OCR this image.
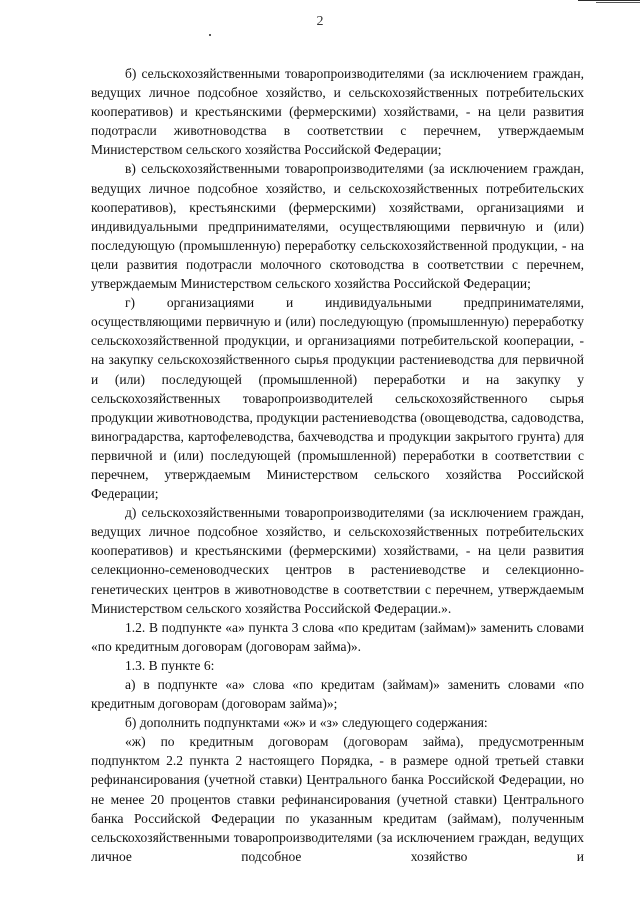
2

б) сельскохозяйственными товаропроизводителями (за исключением граждан, ведущих личное подсобное хозяйство, и сельскохозяйственных потребительских кооперативов) и крестьянскими (фермерскими) хозяйствами, - на цели развития подотрасли животноводства в соответствии с перечнем, утверждаемым Министерством сельского хозяйства Российской Федерации;

в) сельскохозяйственными товаропроизводителями (за исключением граждан, ведущих личное подсобное хозяйство, и сельскохозяйственных потребительских кооперативов), крестьянскими (фермерскими) хозяйствами, организациями и индивидуальными предпринимателями, осуществляющими первичную и (или) последующую (промышленную) переработку сельскохозяйственной продукции, - на цели развития подотрасли молочного скотоводства в соответствии с перечнем, утверждаемым Министерством сельского хозяйства Российской Федерации;

г) организациями и индивидуальными предпринимателями, осуществляющими первичную и (или) последующую (промышленную) переработку сельскохозяйственной продукции, и организациями потребительской кооперации, - на закупку сельскохозяйственного сырья продукции растениеводства для первичной и (или) последующей (промышленной) переработки и на закупку у сельскохозяйственных товаропроизводителей сельскохозяйственного сырья продукции животноводства, продукции растениеводства (овощеводства, садоводства, виноградарства, картофелеводства, бахчеводства и продукции закрытого грунта) для первичной и (или) последующей (промышленной) переработки в соответствии с перечнем, утверждаемым Министерством сельского хозяйства Российской Федерации;

д) сельскохозяйственными товаропроизводителями (за исключением граждан, ведущих личное подсобное хозяйство, и сельскохозяйственных потребительских кооперативов) и крестьянскими (фермерскими) хозяйствами, - на цели развития селекционно-семеноводческих центров в растениеводстве и селекционно-генетических центров в животноводстве в соответствии с перечнем, утверждаемым Министерством сельского хозяйства Российской Федерации.».

1.2. В подпункте «а» пункта 3 слова «по кредитам (займам)» заменить словами «по кредитным договорам (договорам займа)».

1.3. В пункте 6:

а) в подпункте «а» слова «по кредитам (займам)» заменить словами «по кредитным договорам (договорам займа)»;

б) дополнить подпунктами «ж» и «з» следующего содержания:

«ж) по кредитным договорам (договорам займа), предусмотренным подпунктом 2.2 пункта 2 настоящего Порядка, - в размере одной третьей ставки рефинансирования (учетной ставки) Центрального банка Российской Федерации, но не менее 20 процентов ставки рефинансирования (учетной ставки) Центрального банка Российской Федерации по указанным кредитам (займам), полученным сельскохозяйственными товаропроизводителями (за исключением граждан, ведущих личное подсобное хозяйство и
